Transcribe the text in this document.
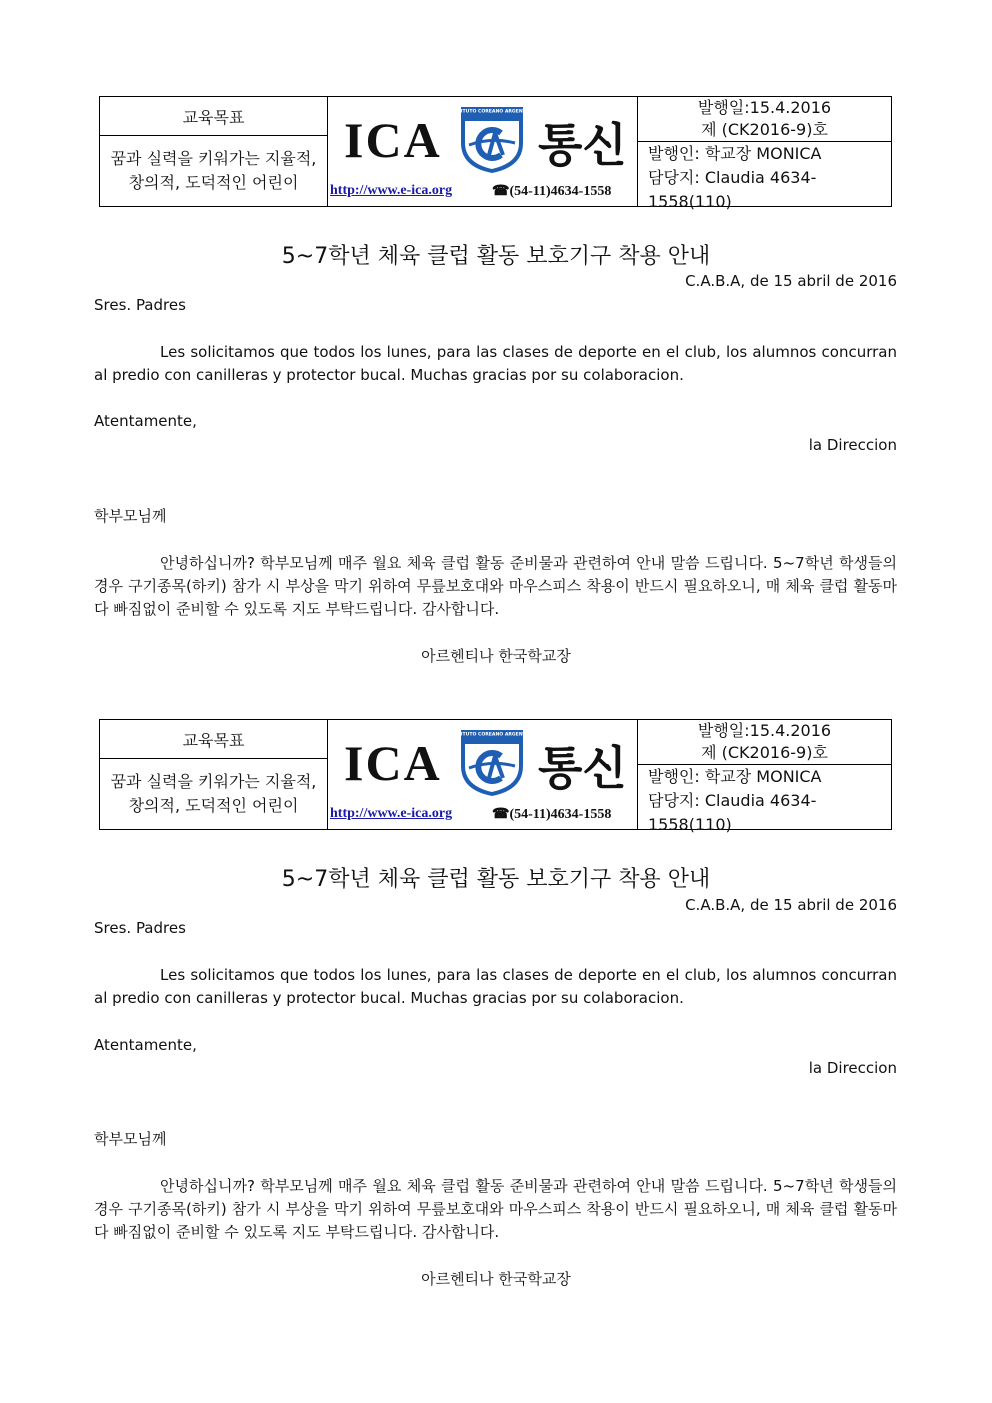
교육목표
꿈과 실력을 키워가는 지율적, 창의적, 도덕적인 어린이
ICA INSTITUTO COREANO ARGENTINO
통신
http://www.e-ica.org	☎(54-11)4634-1558
발행일:15.4.2016
제 (CK2016-9)호
발행인: 학교장 MONICA
담당지: Claudia 4634-1558(110)
5~7학년 체육 클럽 활동 보호기구 착용 안내
C.A.B.A, de 15 abril de 2016
Sres. Padres
Les solicitamos que todos los lunes, para las clases de deporte en el club, los alumnos concurran al predio con canilleras y protector bucal. Muchas gracias por su colaboracion.
Atentamente,
la Direccion
학부모님께
안녕하십니까? 학부모님께 매주 월요 체육 클럽 활동 준비물과 관련하여 안내 말씀 드립니다. 5~7학년 학생들의 경우 구기종목(하키) 참가 시 부상을 막기 위하여 무릎보호대와 마우스피스 착용이 반드시 필요하오니, 매 체육 클럽 활동마다 빠짐없이 준비할 수 있도록 지도 부탁드립니다. 감사합니다.
아르헨티나 한국학교장
교육목표
꿈과 실력을 키워가는 지율적, 창의적, 도덕적인 어린이
ICA INSTITUTO COREANO ARGENTINO
통신
http://www.e-ica.org	☎(54-11)4634-1558
발행일:15.4.2016
제 (CK2016-9)호
발행인: 학교장 MONICA
담당지: Claudia 4634-1558(110)
5~7학년 체육 클럽 활동 보호기구 착용 안내
C.A.B.A, de 15 abril de 2016
Sres. Padres
Les solicitamos que todos los lunes, para las clases de deporte en el club, los alumnos concurran al predio con canilleras y protector bucal. Muchas gracias por su colaboracion.
Atentamente,
la Direccion
학부모님께
안녕하십니까? 학부모님께 매주 월요 체육 클럽 활동 준비물과 관련하여 안내 말씀 드립니다. 5~7학년 학생들의 경우 구기종목(하키) 참가 시 부상을 막기 위하여 무릎보호대와 마우스피스 착용이 반드시 필요하오니, 매 체육 클럽 활동마다 빠짐없이 준비할 수 있도록 지도 부탁드립니다. 감사합니다.
아르헨티나 한국학교장
